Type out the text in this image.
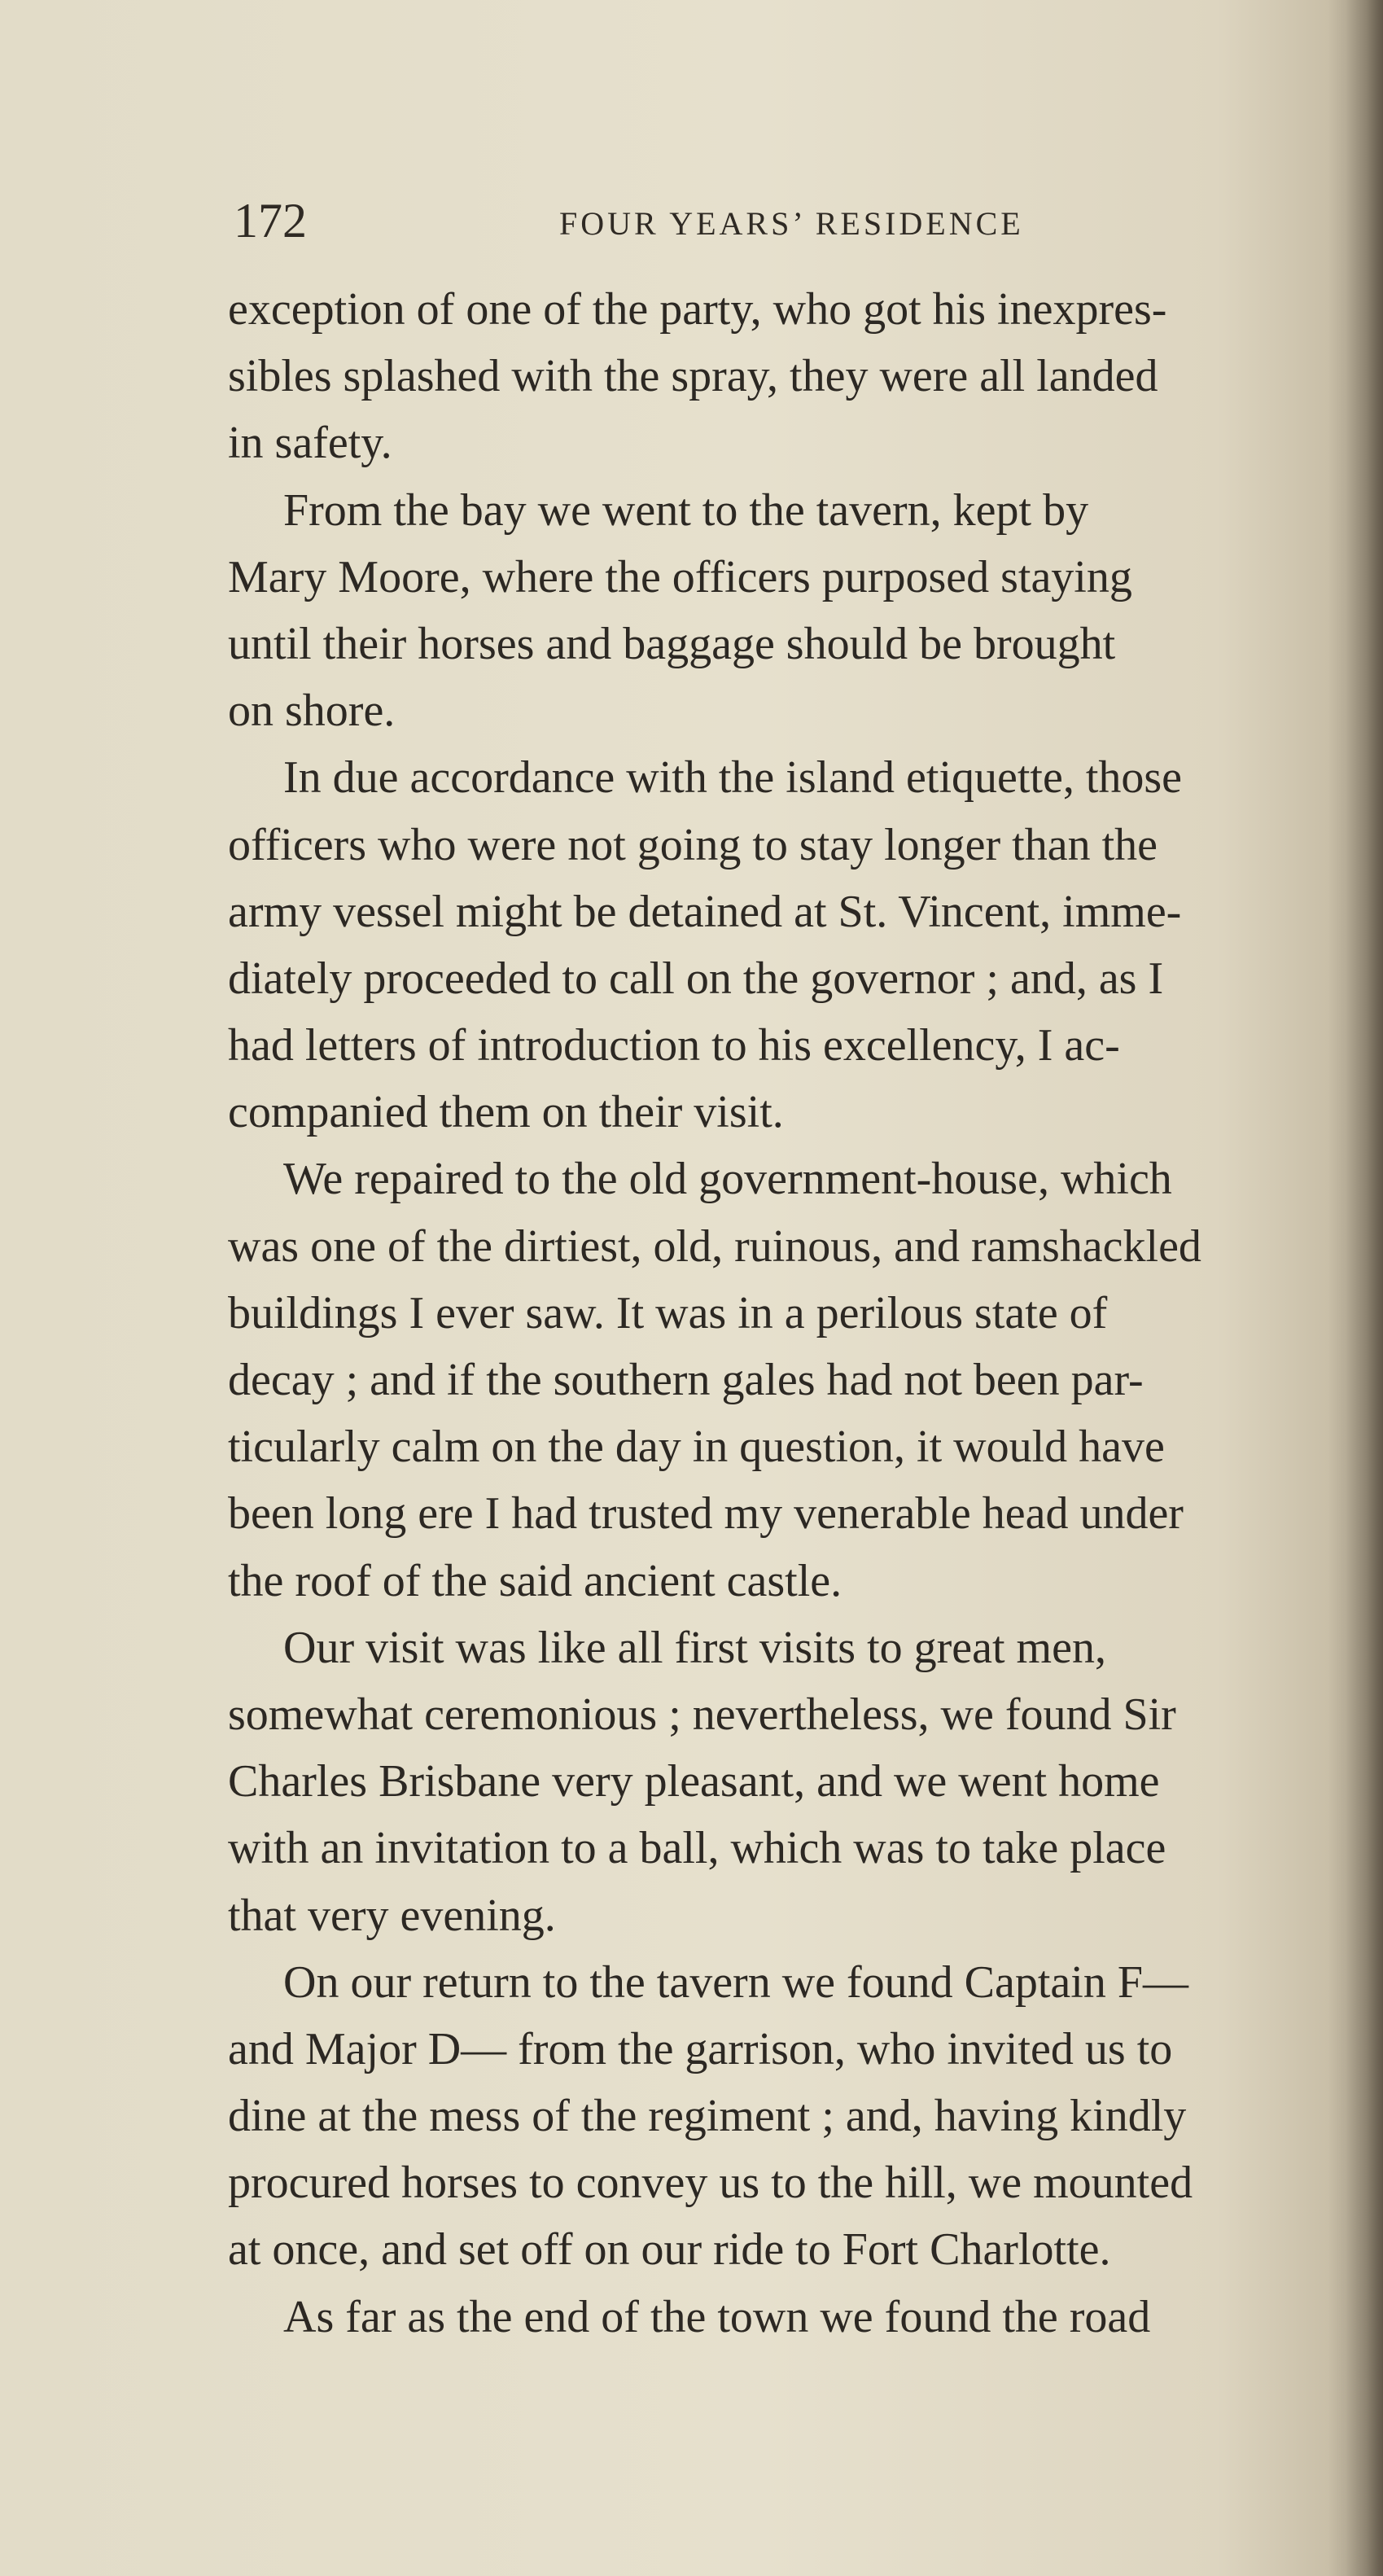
172	FOUR YEARS’ RESIDENCE

exception of one of the party, who got his inexpres-
sibles splashed with the spray, they were all landed
in safety.

From the bay we went to the tavern, kept by
Mary Moore, where the officers purposed staying
until their horses and baggage should be brought
on shore.

In due accordance with the island etiquette, those
officers who were not going to stay longer than the
army vessel might be detained at St. Vincent, imme-
diately proceeded to call on the governor ; and, as I
had letters of introduction to his excellency, I ac-
companied them on their visit.

We repaired to the old government-house, which
was one of the dirtiest, old, ruinous, and ramshackled
buildings I ever saw. It was in a perilous state of
decay ; and if the southern gales had not been par-
ticularly calm on the day in question, it would have
been long ere I had trusted my venerable head under
the roof of the said ancient castle.

Our visit was like all first visits to great men,
somewhat ceremonious ; nevertheless, we found Sir
Charles Brisbane very pleasant, and we went home
with an invitation to a ball, which was to take place
that very evening.

On our return to the tavern we found Captain F—
and Major D— from the garrison, who invited us to
dine at the mess of the regiment ; and, having kindly
procured horses to convey us to the hill, we mounted
at once, and set off on our ride to Fort Charlotte.

As far as the end of the town we found the road
